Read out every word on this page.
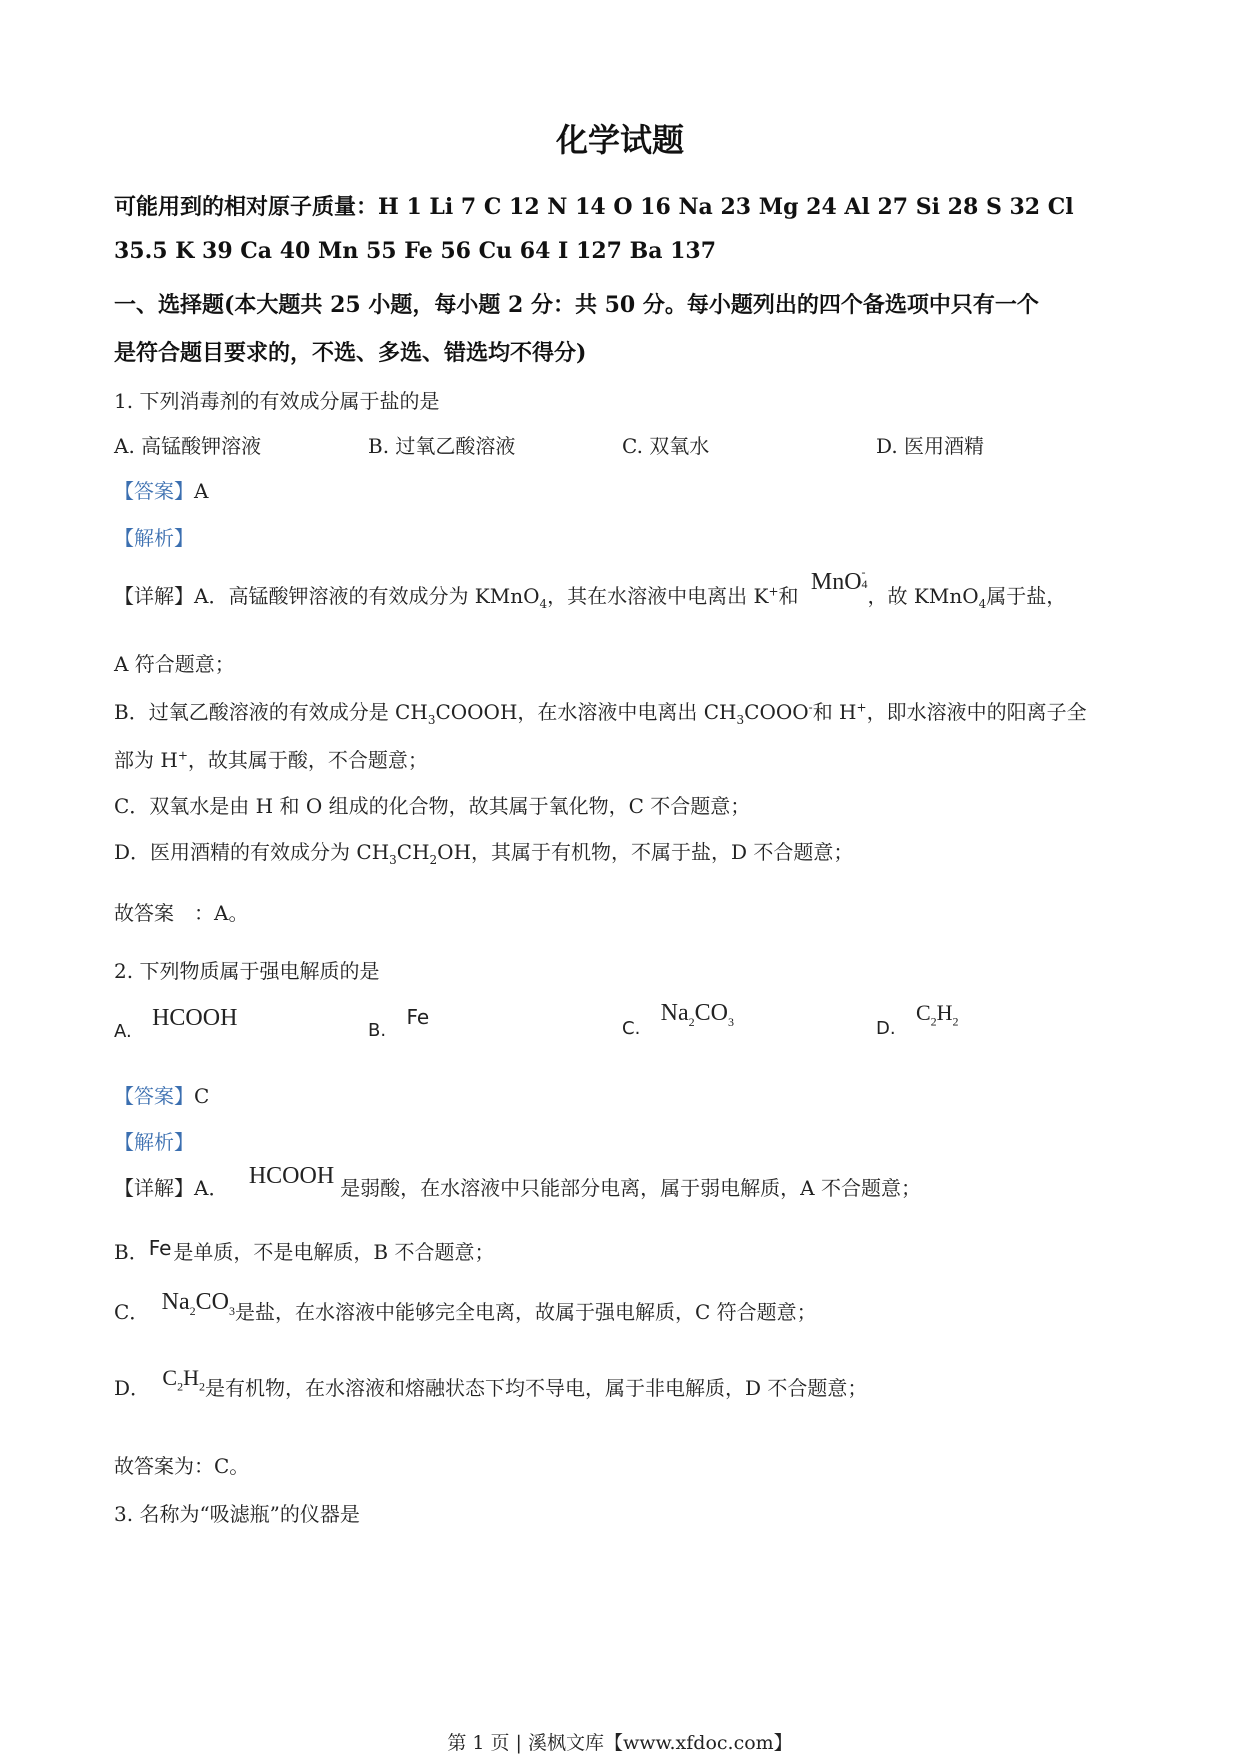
化学试题
可能用到的相对原子质量：H 1 Li 7 C 12 N 14 O 16 Na 23 Mg 24 Al 27 Si 28 S 32 Cl
35.5 K 39 Ca 40 Mn 55 Fe 56 Cu 64 I 127 Ba 137
一、选择题(本大题共 25 小题，每小题 2 分：共 50 分。每小题列出的四个备选项中只有一个
是符合题目要求的，不选、多选、错选均不得分)
1. 下列消毒剂的有效成分属于盐的是
A. 高锰酸钾溶液	B. 过氧乙酸溶液	C. 双氧水	D. 医用酒精
【答案】A
【解析】
【详解】A．高锰酸钾溶液的有效成分为 KMnO$_4$，其在水溶液中电离出 K+和 MnO -
4 ，故 KMnO$_4$属于盐，
A 符合题意；
B．过氧乙酸溶液的有效成分是 $CH_3COOOH$，在水溶液中电离出 $CH_3COOO^-$和 H+，即水溶液中的阳离子全
部为 H+，故其属于酸，不合题意；
C．双氧水是由 H 和 O 组成的化合物，故其属于氧化物，C 不合题意；
D．医用酒精的有效成分为 $CH_3CH_2OH$，其属于有机物，不属于盐，D 不合题意；
故答案　：A。
2. 下列物质属于强电解质的是
A. HCOOH	B. Fe	C. $Na_2CO_3$	D. $C_2H_2$
【答案】C
【解析】
【详解】A． HCOOH 是弱酸，在水溶液中只能部分电离，属于弱电解质，A 不合题意；
B．Fe 是单质，不是电解质，B 不合题意；
C． $Na_2CO_3$是盐，在水溶液中能够完全电离，故属于强电解质，C 符合题意；
D． $C_2H_2$是有机物，在水溶液和熔融状态下均不导电，属于非电解质，D 不合题意；
故答案为：C。
3. 名称为“吸滤瓶”的仪器是
第 1 页 | 溪枫文库【www.xfdoc.com】
